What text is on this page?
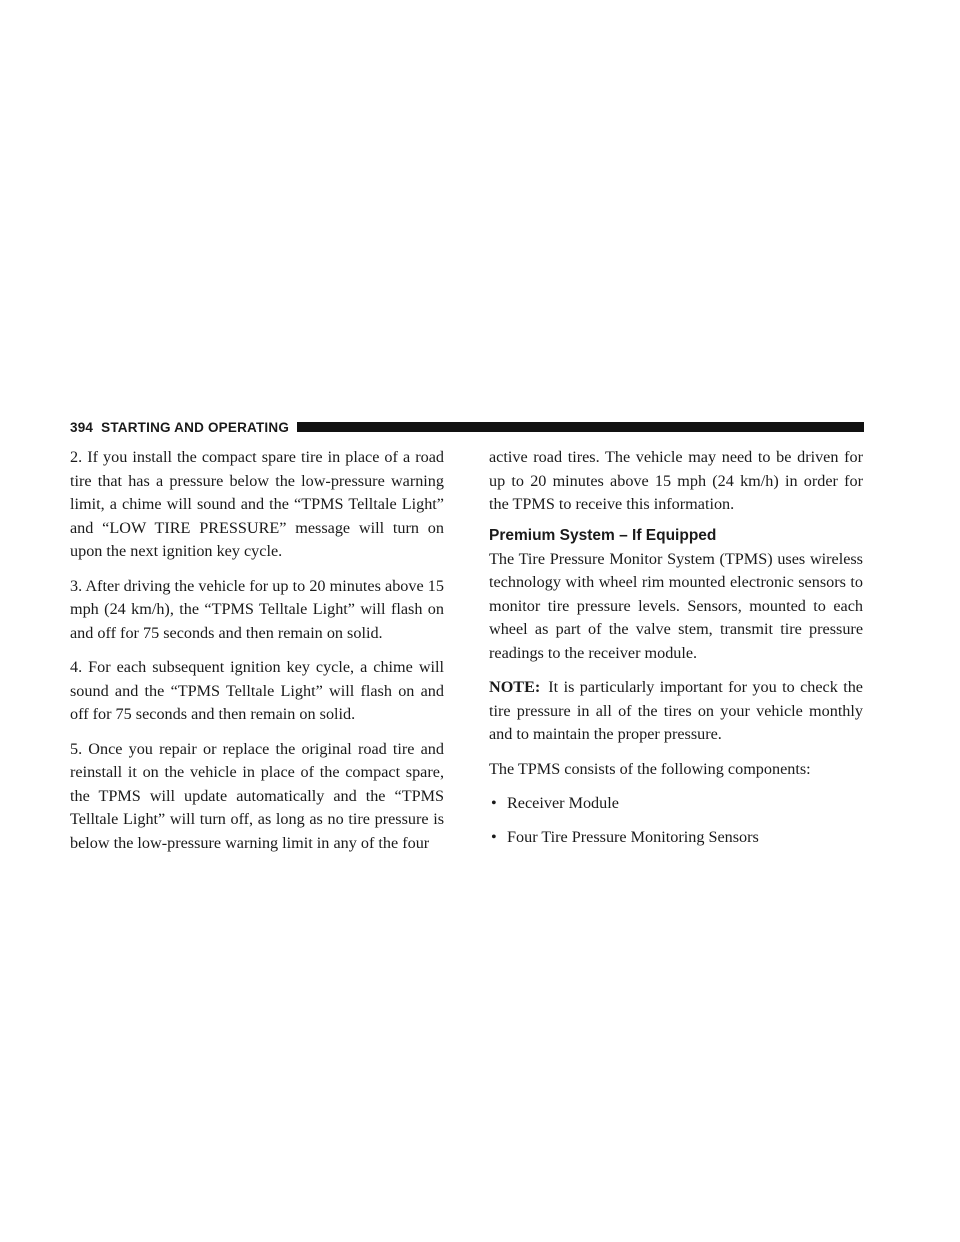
394 STARTING AND OPERATING

2. If you install the compact spare tire in place of a road tire that has a pressure below the low-pressure warning limit, a chime will sound and the “TPMS Telltale Light” and “LOW TIRE PRESSURE” message will turn on upon the next ignition key cycle.

3. After driving the vehicle for up to 20 minutes above 15 mph (24 km/h), the “TPMS Telltale Light” will flash on and off for 75 seconds and then remain on solid.

4. For each subsequent ignition key cycle, a chime will sound and the “TPMS Telltale Light” will flash on and off for 75 seconds and then remain on solid.

5. Once you repair or replace the original road tire and reinstall it on the vehicle in place of the compact spare, the TPMS will update automatically and the “TPMS Telltale Light” will turn off, as long as no tire pressure is below the low-pressure warning limit in any of the four

active road tires. The vehicle may need to be driven for up to 20 minutes above 15 mph (24 km/h) in order for the TPMS to receive this information.

Premium System – If Equipped

The Tire Pressure Monitor System (TPMS) uses wireless technology with wheel rim mounted electronic sensors to monitor tire pressure levels. Sensors, mounted to each wheel as part of the valve stem, transmit tire pressure readings to the receiver module.

NOTE: It is particularly important for you to check the tire pressure in all of the tires on your vehicle monthly and to maintain the proper pressure.

The TPMS consists of the following components:

• Receiver Module
• Four Tire Pressure Monitoring Sensors
